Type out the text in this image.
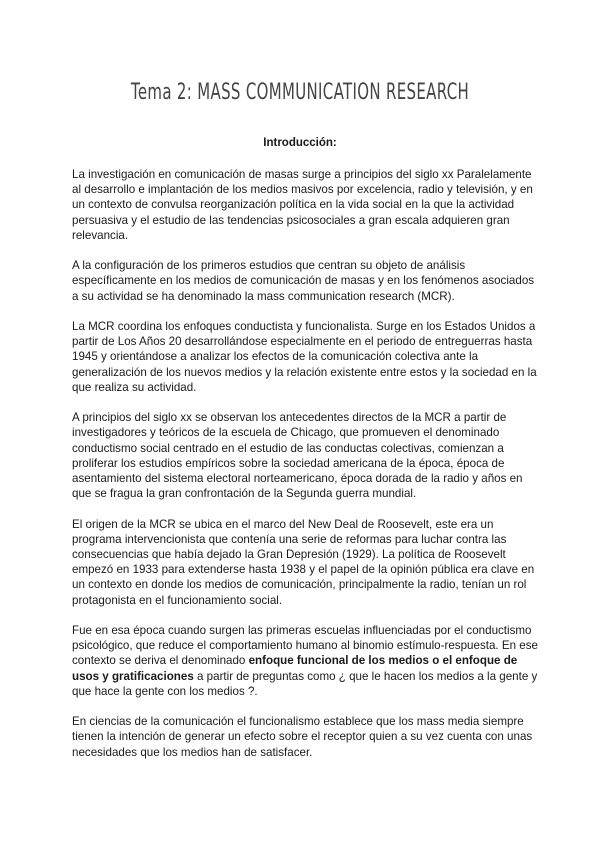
Tema 2: MASS COMMUNICATION RESEARCH
Introducción:

La investigación en comunicación de masas surge a principios del siglo xx Paralelamente al desarrollo e implantación de los medios masivos por excelencia, radio y televisión, y en un contexto de convulsa reorganización política en la vida social en la que la actividad persuasiva y el estudio de las tendencias psicosociales a gran escala adquieren gran relevancia.

A la configuración de los primeros estudios que centran su objeto de análisis específicamente en los medios de comunicación de masas y en los fenómenos asociados a su actividad se ha denominado la mass communication research (MCR).

La MCR coordina los enfoques conductista y funcionalista. Surge en los Estados Unidos a partir de Los Años 20 desarrollándose especialmente en el periodo de entreguerras hasta 1945 y orientándose a analizar los efectos de la comunicación colectiva ante la generalización de los nuevos medios y la relación existente entre estos y la sociedad en la que realiza su actividad.

A principios del siglo xx se observan los antecedentes directos de la MCR a partir de investigadores y teóricos de la escuela de Chicago, que promueven el denominado conductismo social centrado en el estudio de las conductas colectivas, comienzan a proliferar los estudios empíricos sobre la sociedad americana de la época, época de asentamiento del sistema electoral norteamericano, época dorada de la radio y años en que se fragua la gran confrontación de la Segunda guerra mundial.

El origen de la MCR se ubica en el marco del New Deal de Roosevelt, este era un programa intervencionista que contenía una serie de reformas para luchar contra las consecuencias que había dejado la Gran Depresión (1929). La política de Roosevelt empezó en 1933 para extenderse hasta 1938 y el papel de la opinión pública era clave en un contexto en donde los medios de comunicación, principalmente la radio, tenían un rol protagonista en el funcionamiento social.

Fue en esa época cuando surgen las primeras escuelas influenciadas por el conductismo psicológico, que reduce el comportamiento humano al binomio estímulo-respuesta. En ese contexto se deriva el denominado enfoque funcional de los medios o el enfoque de usos y gratificaciones a partir de preguntas como ¿ que le hacen los medios a la gente y que hace la gente con los medios ?.

En ciencias de la comunicación el funcionalismo establece que los mass media siempre tienen la intención de generar un efecto sobre el receptor quien a su vez cuenta con unas necesidades que los medios han de satisfacer.
